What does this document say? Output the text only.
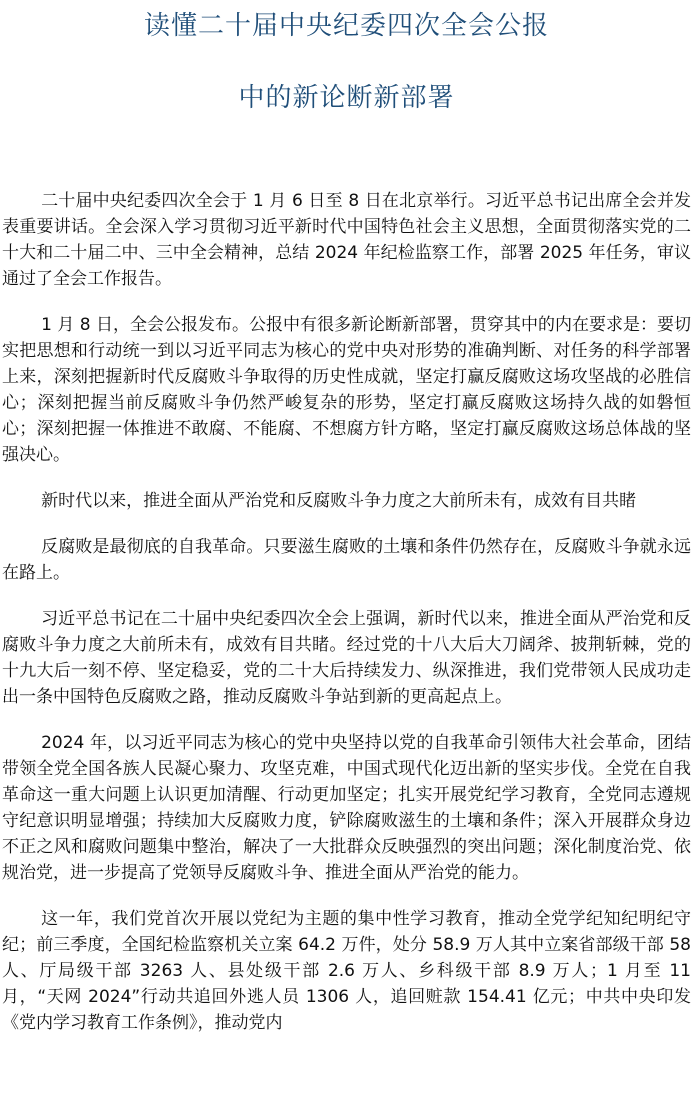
读懂二十届中央纪委四次全会公报
中的新论断新部署

二十届中央纪委四次全会于 1 月 6 日至 8 日在北京举行。习近平总书记出席全会并发表重要讲话。全会深入学习贯彻习近平新时代中国特色社会主义思想，全面贯彻落实党的二十大和二十届二中、三中全会精神，总结 2024 年纪检监察工作，部署 2025 年任务，审议通过了全会工作报告。

1 月 8 日，全会公报发布。公报中有很多新论断新部署，贯穿其中的内在要求是：要切实把思想和行动统一到以习近平同志为核心的党中央对形势的准确判断、对任务的科学部署上来，深刻把握新时代反腐败斗争取得的历史性成就，坚定打赢反腐败这场攻坚战的必胜信心；深刻把握当前反腐败斗争仍然严峻复杂的形势，坚定打赢反腐败这场持久战的如磐恒心；深刻把握一体推进不敢腐、不能腐、不想腐方针方略，坚定打赢反腐败这场总体战的坚强决心。

新时代以来，推进全面从严治党和反腐败斗争力度之大前所未有，成效有目共睹

反腐败是最彻底的自我革命。只要滋生腐败的土壤和条件仍然存在，反腐败斗争就永远在路上。

习近平总书记在二十届中央纪委四次全会上强调，新时代以来，推进全面从严治党和反腐败斗争力度之大前所未有，成效有目共睹。经过党的十八大后大刀阔斧、披荆斩棘，党的十九大后一刻不停、坚定稳妥，党的二十大后持续发力、纵深推进，我们党带领人民成功走出一条中国特色反腐败之路，推动反腐败斗争站到新的更高起点上。

2024 年，以习近平同志为核心的党中央坚持以党的自我革命引领伟大社会革命，团结带领全党全国各族人民凝心聚力、攻坚克难，中国式现代化迈出新的坚实步伐。全党在自我革命这一重大问题上认识更加清醒、行动更加坚定；扎实开展党纪学习教育，全党同志遵规守纪意识明显增强；持续加大反腐败力度，铲除腐败滋生的土壤和条件；深入开展群众身边不正之风和腐败问题集中整治，解决了一大批群众反映强烈的突出问题；深化制度治党、依规治党，进一步提高了党领导反腐败斗争、推进全面从严治党的能力。

这一年，我们党首次开展以党纪为主题的集中性学习教育，推动全党学纪知纪明纪守纪；前三季度，全国纪检监察机关立案 64.2 万件，处分 58.9 万人其中立案省部级干部 58 人、厅局级干部 3263 人、县处级干部 2.6 万人、乡科级干部 8.9 万人；1 月至 11 月，“天网 2024”行动共追回外逃人员 1306 人，追回赃款 154.41 亿元；中共中央印发《党内学习教育工作条例》，推动党内
